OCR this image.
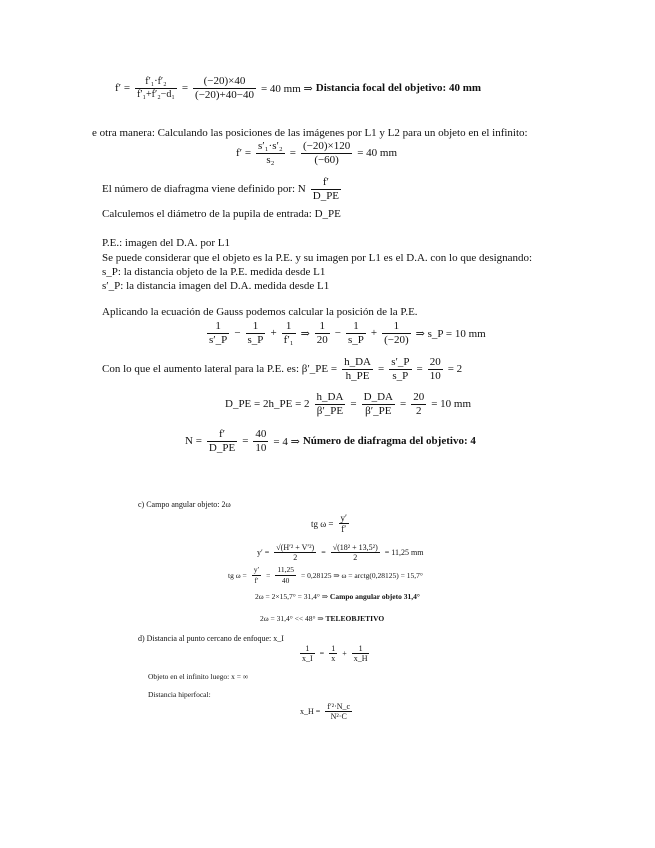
$f' = \frac{\text{f′₁·f′₂}}{\text{f′₁+f′₂−d₁}} = \frac{(-20)\times 40}{(-20)+40-40} = 40$ mm ⇒ Distancia focal del objetivo: 40 mm
e otra manera: Calculando las posiciones de las imágenes por L1 y L2 para un objeto en el infinito:
$f' = \frac{\text{s′₁·s′₂}}{\text{s₂}} = \frac{(-20)\times 120}{(-60)} = 40$ mm
El número de diafragma viene definido por: N $\frac{f'}{D\_PE}$
Calculemos el diámetro de la pupila de entrada: D_PE
P.E.: imagen del D.A. por L1
Se puede considerar que el objeto es la P.E. y su imagen por L1 es el D.A. con lo que designando:
s_P: la distancia objeto de la P.E. medida desde L1
s′_P: la distancia imagen del D.A. medida desde L1
Aplicando la ecuación de Gauss podemos calcular la posición de la P.E.
$\frac{1}{s'\_P} - \frac{1}{s\_P} + \frac{1}{\text{f′₁}}$ ⇒ $\frac{1}{20} - \frac{1}{s\_P} + \frac{1}{(-20)}$ ⇒ s_P = 10 mm
Con lo que el aumento lateral para la P.E. es: β′_PE = $\frac{h\_DA}{h\_PE} = \frac{s'\_P}{s\_P} = \frac{20}{10} = 2$
D_PE = 2h_PE = $2 \frac{h\_DA}{\beta'\_PE} = \frac{D\_DA}{\beta'\_PE} = \frac{20}{2} = 10$ mm
$N = \frac{f'}{D\_PE} = \frac{40}{10} = 4$ ⇒ Número de diafragma del objetivo: 4
c) Campo angular objeto: 2ω
tg $\omega = \frac{y'}{f'}$
$y' = \frac{\text{√(H′² + V′²)}}{2} = \frac{\text{√(18² + 13,5²)}}{2} = 11,25$ mm
tg $\omega = \frac{y'}{f'} = \frac{11,25}{40} = 0,28125$ ⇒ ω = arctg(0,28125) = 15,7°
2ω = 2×15,7° = 31,4° ⇒ Campo angular objeto 31,4°
2ω = 31,4° << 48° ⇒ TELEOBJETIVO
d) Distancia al punto cercano de enfoque: x_I
$\frac{1}{x\_I} = \frac{1}{x} + \frac{1}{x\_H}$
Objeto en el infinito luego: x = ∞
Distancia hiperfocal:
x_H = $\frac{\text{f′²·N\_c}}{\text{N²·C}}$
